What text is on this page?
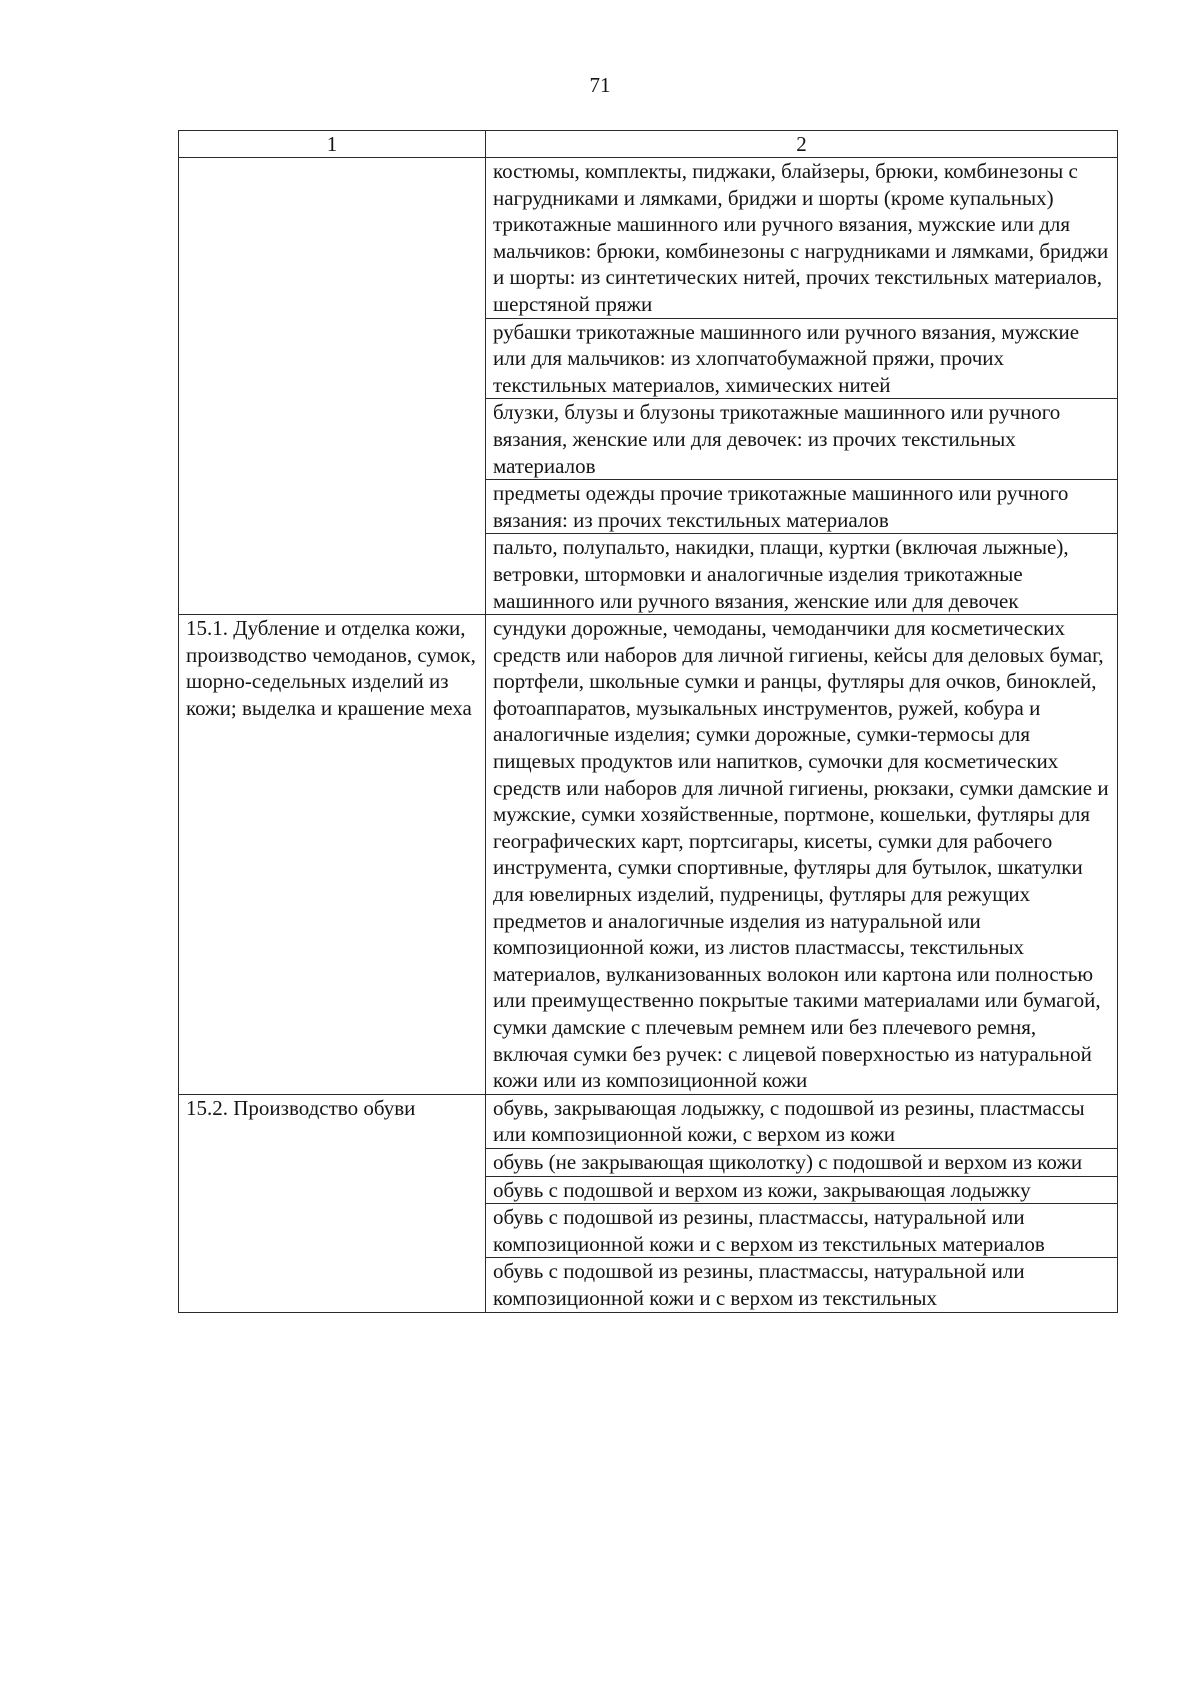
71
1	2
	костюмы, комплекты, пиджаки, блайзеры, брюки, комбинезоны с нагрудниками и лямками, бриджи и шорты (кроме купальных) трикотажные машинного или ручного вязания, мужские или для мальчиков: брюки, комбинезоны с нагрудниками и лямками, бриджи и шорты: из синтетических нитей, прочих текстильных материалов, шерстяной пряжи
	рубашки трикотажные машинного или ручного вязания, мужские или для мальчиков: из хлопчатобумажной пряжи, прочих текстильных материалов, химических нитей
	блузки, блузы и блузоны трикотажные машинного или ручного вязания, женские или для девочек: из прочих текстильных материалов
	предметы одежды прочие трикотажные машинного или ручного вязания: из прочих текстильных материалов
	пальто, полупальто, накидки, плащи, куртки (включая лыжные), ветровки, штормовки и аналогичные изделия трикотажные машинного или ручного вязания, женские или для девочек
15.1. Дубление и отделка кожи, производство чемоданов, сумок, шорно-седельных изделий из кожи; выделка и крашение меха	сундуки дорожные, чемоданы, чемоданчики для косметических средств или наборов для личной гигиены, кейсы для деловых бумаг, портфели, школьные сумки и ранцы, футляры для очков, биноклей, фотоаппаратов, музыкальных инструментов, ружей, кобура и аналогичные изделия; сумки дорожные, сумки-термосы для пищевых продуктов или напитков, сумочки для косметических средств или наборов для личной гигиены, рюкзаки, сумки дамские и мужские, сумки хозяйственные, портмоне, кошельки, футляры для географических карт, портсигары, кисеты, сумки для рабочего инструмента, сумки спортивные, футляры для бутылок, шкатулки для ювелирных изделий, пудреницы, футляры для режущих предметов и аналогичные изделия из натуральной или композиционной кожи, из листов пластмассы, текстильных материалов, вулканизованных волокон или картона или полностью или преимущественно покрытые такими материалами или бумагой, сумки дамские с плечевым ремнем или без плечевого ремня, включая сумки без ручек: с лицевой поверхностью из натуральной кожи или из композиционной кожи
15.2. Производство обуви	обувь, закрывающая лодыжку, с подошвой из резины, пластмассы или композиционной кожи, с верхом из кожи
	обувь (не закрывающая щиколотку) с подошвой и верхом из кожи
	обувь с подошвой и верхом из кожи, закрывающая лодыжку
	обувь с подошвой из резины, пластмассы, натуральной или композиционной кожи и с верхом из текстильных материалов
	обувь с подошвой из резины, пластмассы, натуральной или композиционной кожи и с верхом из текстильных
